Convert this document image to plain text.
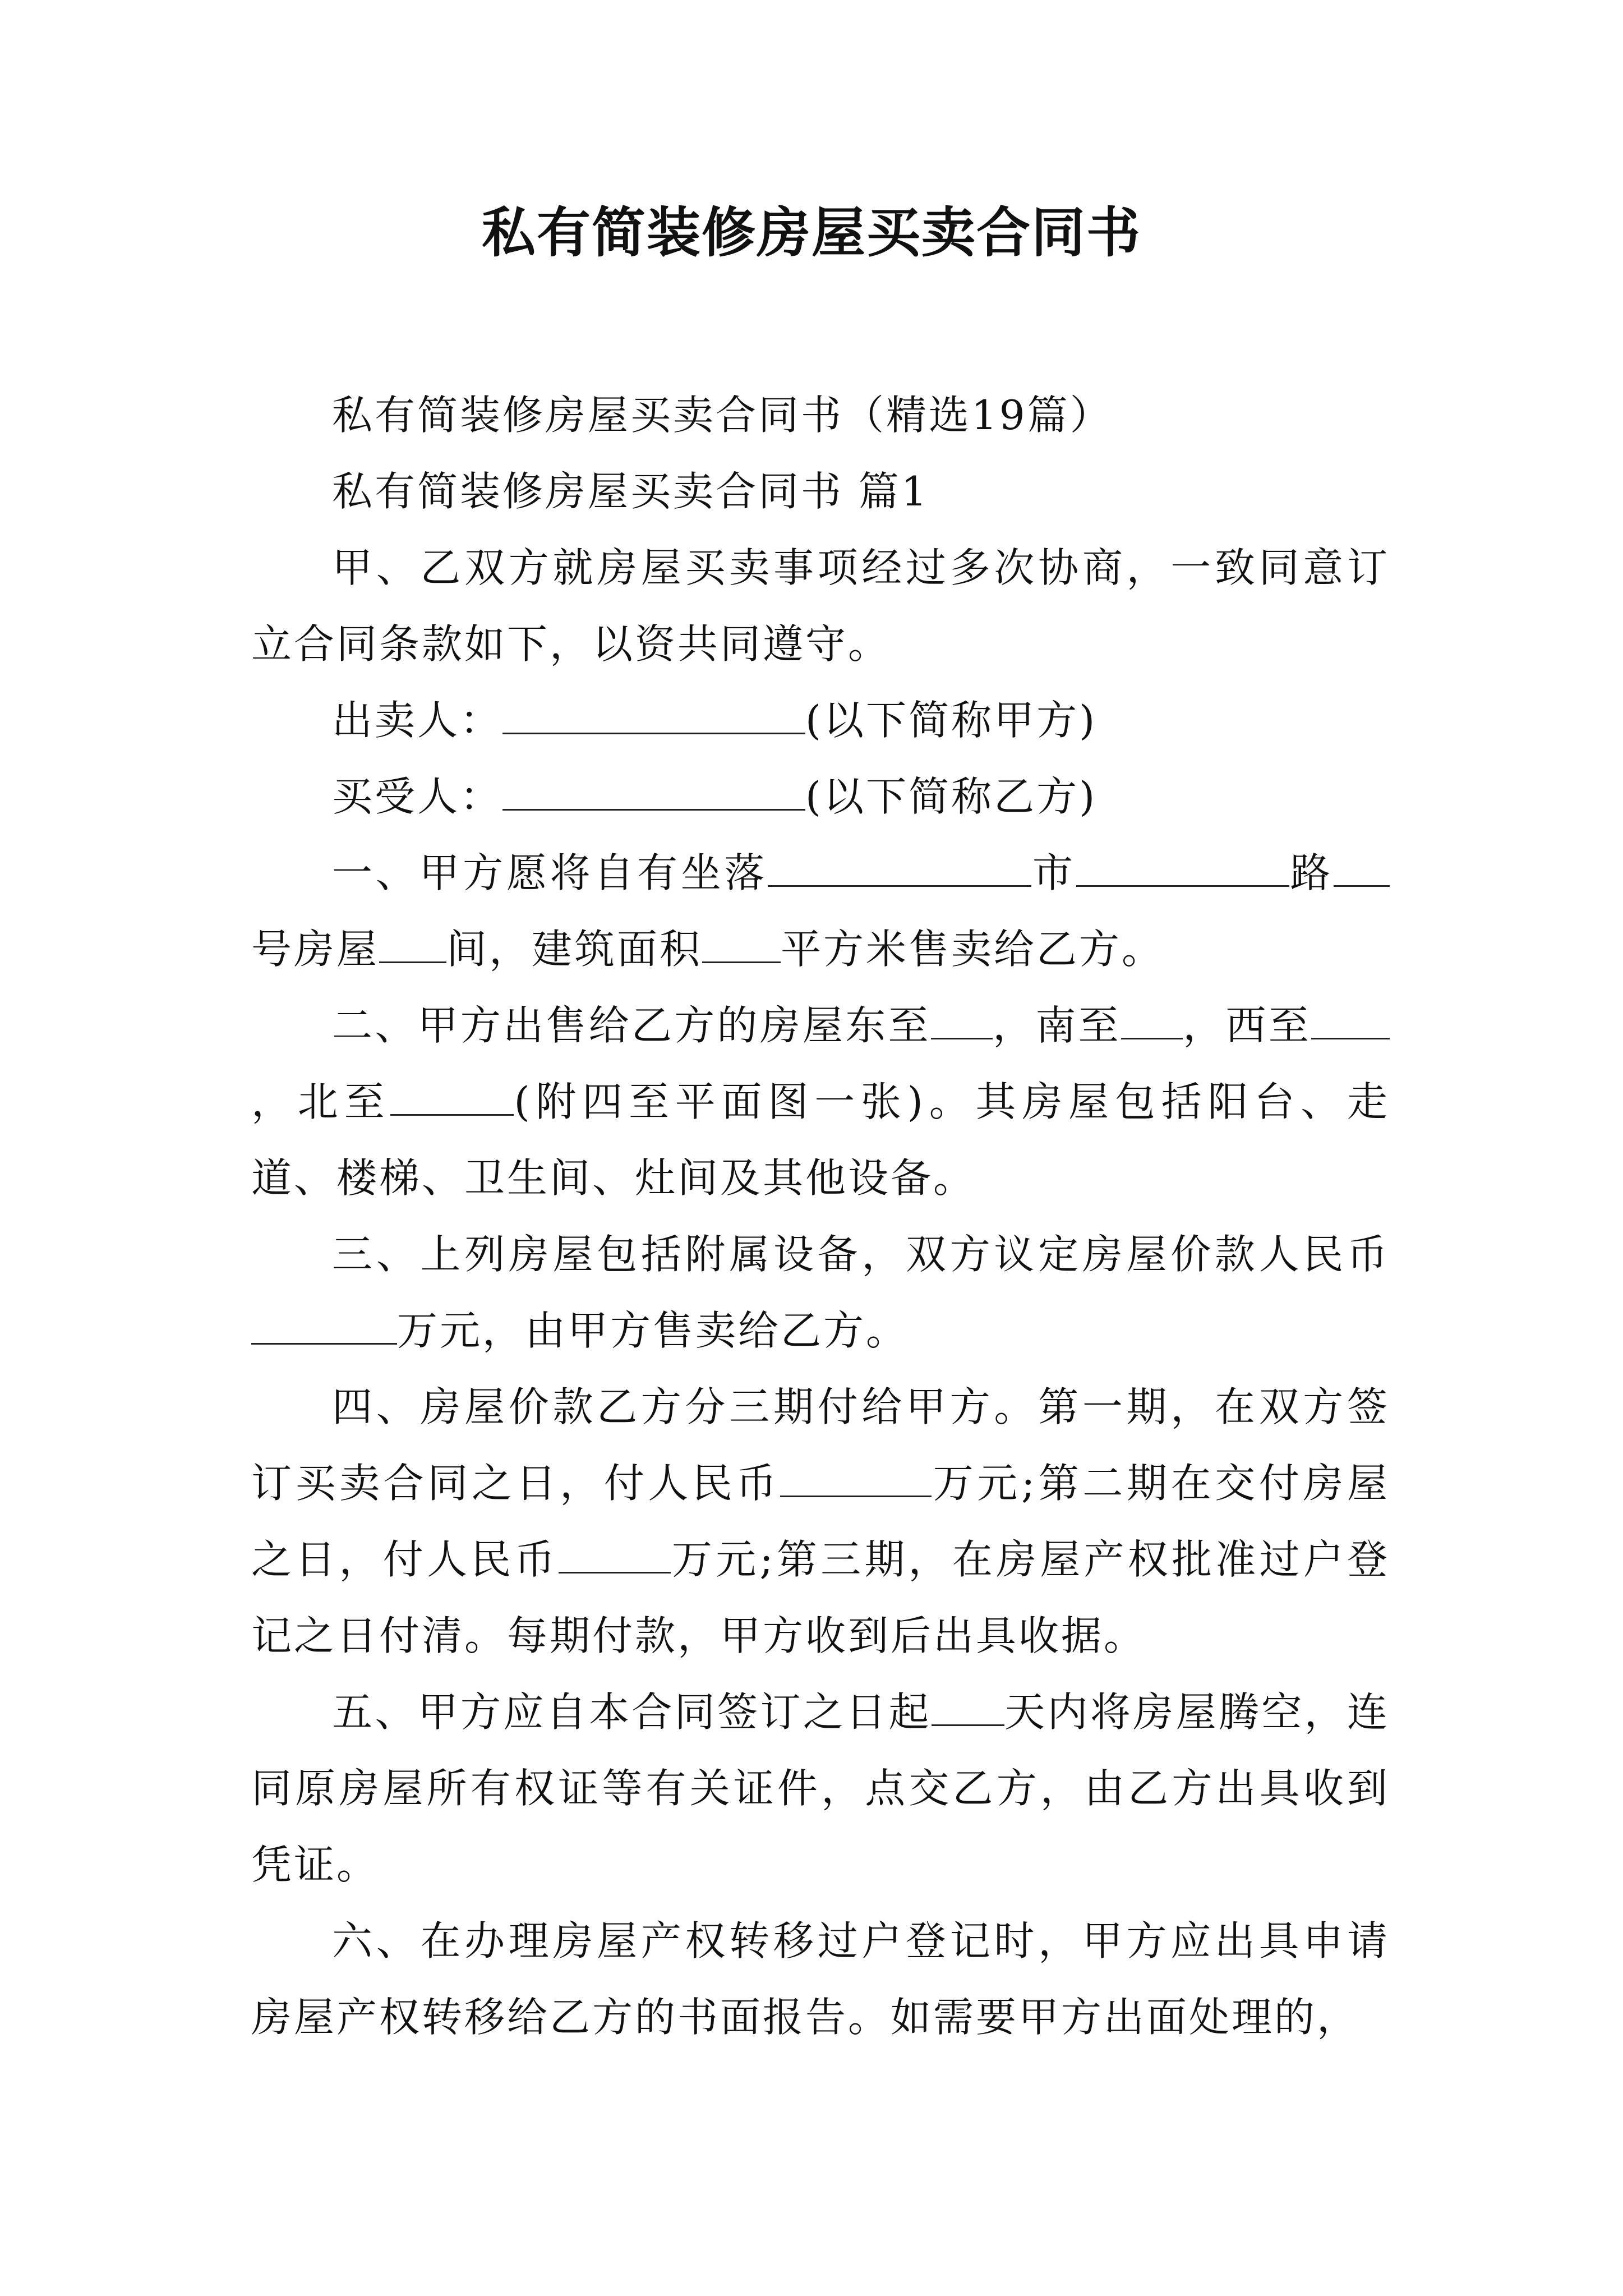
私有简装修房屋买卖合同书

私有简装修房屋买卖合同书（精选19篇）

私有简装修房屋买卖合同书 篇1

甲、乙双方就房屋买卖事项经过多次协商，一致同意订立合同条款如下，以资共同遵守。

出卖人：	(以下简称甲方)

买受人：	(以下简称乙方)

一、甲方愿将自有坐落	市	路号房屋 间，建筑面积 平方米售卖给乙方。

二、甲方出售给乙方的房屋东至 ，南至 ，西至，北至	(附四至平面图一张)。其房屋包括阳台、走道、楼梯、卫生间、灶间及其他设备。

三、上列房屋包括附属设备，双方议定房屋价款人民币万元，由甲方售卖给乙方。

四、房屋价款乙方分三期付给甲方。第一期，在双方签订买卖合同之日，付人民币	万元;第二期在交付房屋之日，付人民币	万元;第三期，在房屋产权批准过户登记之日付清。每期付款，甲方收到后出具收据。

五、甲方应自本合同签订之日起 天内将房屋腾空，连同原房屋所有权证等有关证件，点交乙方，由乙方出具收到凭证。

六、在办理房屋产权转移过户登记时，甲方应出具申请房屋产权转移给乙方的书面报告。如需要甲方出面处理的，
